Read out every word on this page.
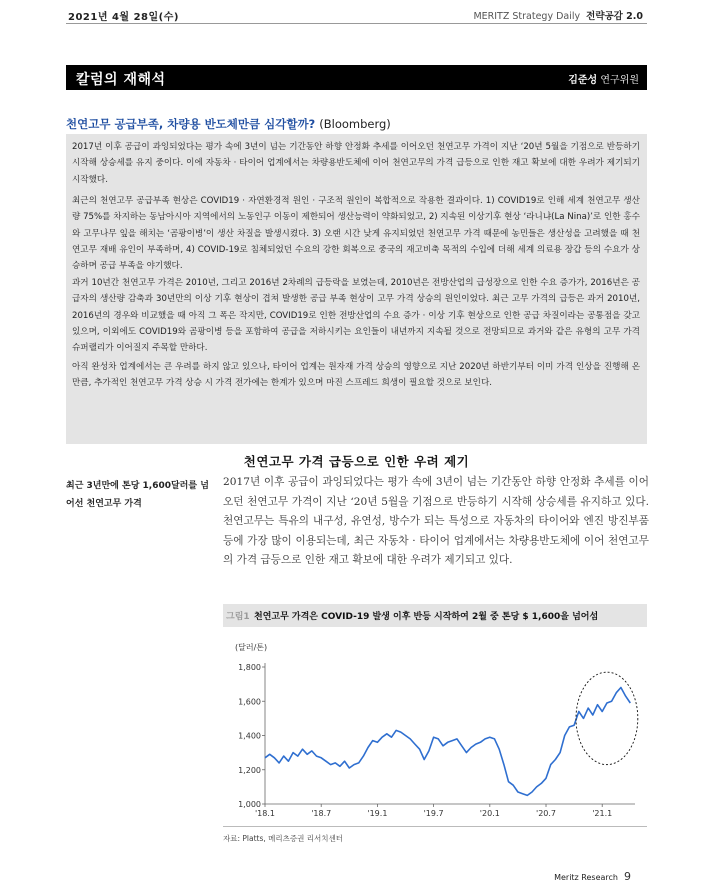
2021년 4월 28일(수)	MERITZ Strategy Daily 전략공감 2.0
칼럼의 재해석	김준성 연구위원
천연고무 공급부족, 차량용 반도체만큼 심각할까? (Bloomberg)
2017년 이후 공급이 과잉되었다는 평가 속에 3년이 넘는 기간동안 하향 안정화 추세를 이어오던 천연고무 가격이 지난 ‘20년 5월을 기점으로 반등하기 시작해 상승세를 유지 중이다. 이에 자동차 · 타이어 업계에서는 차량용반도체에 이어 천연고무의 가격 급등으로 인한 재고 확보에 대한 우려가 제기되기 시작했다.
최근의 천연고무 공급부족 현상은 COVID19 · 자연환경적 원인 · 구조적 원인이 복합적으로 작용한 결과이다. 1) COVID19로 인해 세계 천연고무 생산량 75%를 차지하는 동남아시아 지역에서의 노동인구 이동이 제한되어 생산능력이 약화되었고, 2) 지속된 이상기후 현상 ‘라니냐(La Nina)’로 인한 홍수와 고무나무 잎을 해치는 ‘곰팡이병’이 생산 차질을 발생시켰다. 3) 오랜 시간 낮게 유지되었던 천연고무 가격 때문에 농민들은 생산성을 고려했을 때 천연고무 재배 유인이 부족하며, 4) COVID-19로 침체되었던 수요의 강한 회복으로 중국의 재고비축 목적의 수입에 더해 세계 의료용 장갑 등의 수요가 상승하며 공급 부족을 야기했다.
과거 10년간 천연고무 가격은 2010년, 그리고 2016년 2차례의 급등락을 보였는데, 2010년은 전방산업의 급성장으로 인한 수요 증가가, 2016년은 공급자의 생산량 감축과 30년만의 이상 기후 현상이 겹쳐 발생한 공급 부족 현상이 고무 가격 상승의 원인이었다. 최근 고무 가격의 급등은 과거 2010년, 2016년의 경우와 비교했을 때 아직 그 폭은 작지만, COVID19로 인한 전방산업의 수요 증가 · 이상 기후 현상으로 인한 공급 차질이라는 공통점을 갖고 있으며, 이외에도 COVID19와 곰팡이병 등을 포함하여 공급을 저하시키는 요인들이 내년까지 지속될 것으로 전망되므로 과거와 같은 유형의 고무 가격 슈퍼랠리가 이어질지 주목할 만하다.
아직 완성차 업계에서는 큰 우려를 하지 않고 있으나, 타이어 업계는 원자재 가격 상승의 영향으로 지난 2020년 하반기부터 이미 가격 인상을 진행해 온 만큼, 추가적인 천연고무 가격 상승 시 가격 전가에는 한계가 있으며 마진 스프레드 희생이 필요할 것으로 보인다.
천연고무 가격 급등으로 인한 우려 제기
최근 3년만에 톤당 1,600달러를 넘어선 천연고무 가격
2017년 이후 공급이 과잉되었다는 평가 속에 3년이 넘는 기간동안 하향 안정화 추세를 이어오던 천연고무 가격이 지난 ‘20년 5월을 기점으로 반등하기 시작해 상승세를 유지하고 있다. 천연고무는 특유의 내구성, 유연성, 방수가 되는 특성으로 자동차의 타이어와 엔진 방진부품 등에 가장 많이 이용되는데, 최근 자동차 · 타이어 업계에서는 차량용반도체에 이어 천연고무의 가격 급등으로 인한 재고 확보에 대한 우려가 제기되고 있다.
그림1 천연고무 가격은 COVID-19 발생 이후 반등 시작하여 2월 중 톤당 $ 1,600을 넘어섬
(달러/톤)
1,000
1,200
1,400
1,600
1,800
'18.1	'18.7	'19.1	'19.7	'20.1	'20.7	'21.1
자료: Platts, 메리츠증권 리서치센터
Meritz Research 9
